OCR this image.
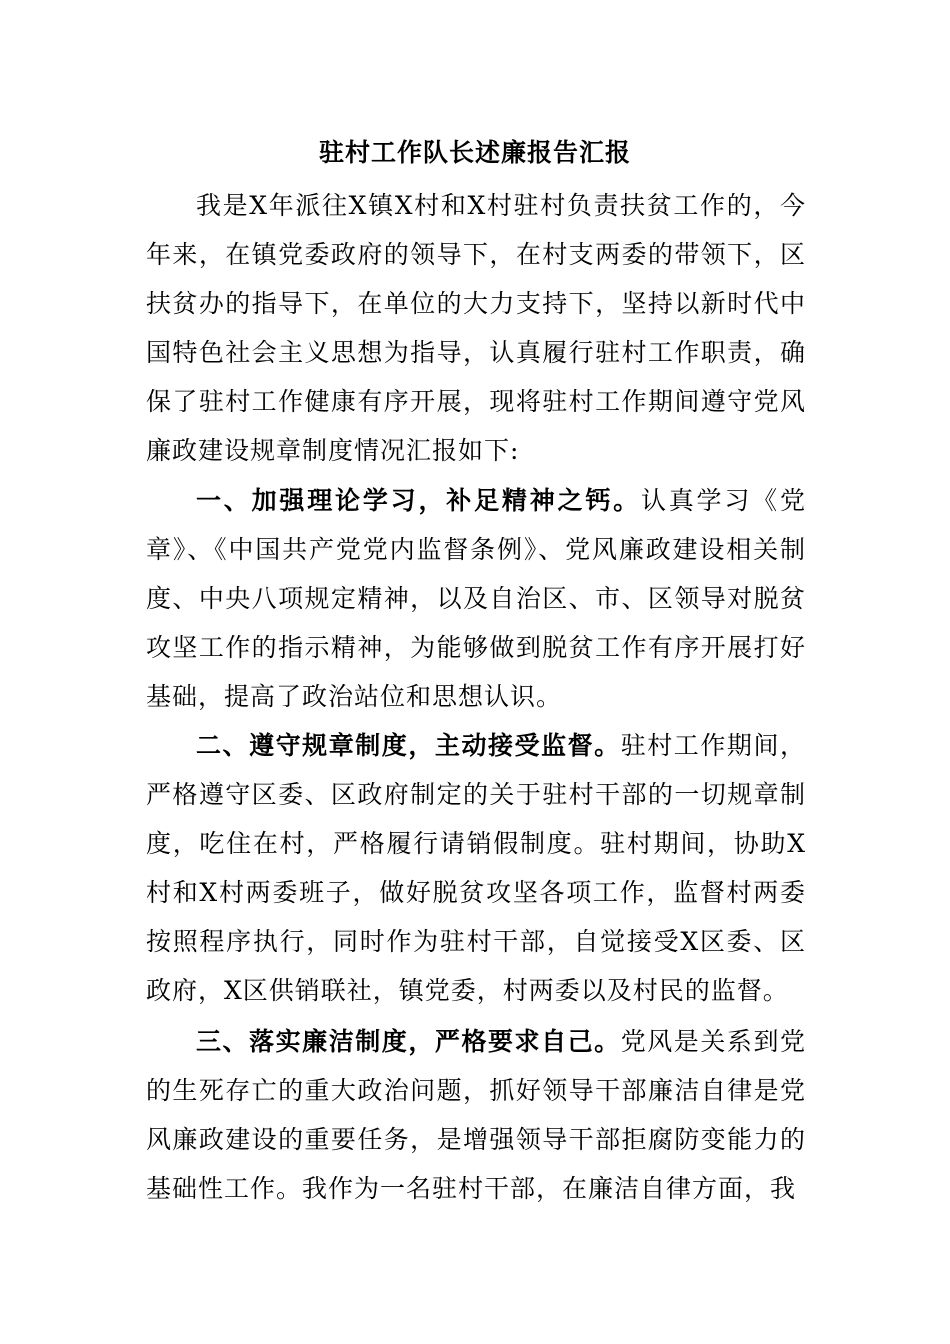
驻村工作队长述廉报告汇报
我是X年派往X镇X村和X村驻村负责扶贫工作的，今年来，在镇党委政府的领导下，在村支两委的带领下，区扶贫办的指导下，在单位的大力支持下，坚持以新时代中国特色社会主义思想为指导，认真履行驻村工作职责，确保了驻村工作健康有序开展，现将驻村工作期间遵守党风廉政建设规章制度情况汇报如下:
一、加强理论学习，补足精神之钙。认真学习《党章》、《中国共产党党内监督条例》、党风廉政建设相关制度、中央八项规定精神，以及自治区、市、区领导对脱贫攻坚工作的指示精神，为能够做到脱贫工作有序开展打好基础，提高了政治站位和思想认识。
二、遵守规章制度，主动接受监督。驻村工作期间，严格遵守区委、区政府制定的关于驻村干部的一切规章制度，吃住在村，严格履行请销假制度。驻村期间，协助X村和X村两委班子，做好脱贫攻坚各项工作，监督村两委按照程序执行，同时作为驻村干部，自觉接受X区委、区政府，X区供销联社，镇党委，村两委以及村民的监督。
三、落实廉洁制度，严格要求自己。党风是关系到党的生死存亡的重大政治问题，抓好领导干部廉洁自律是党风廉政建设的重要任务，是增强领导干部拒腐防变能力的基础性工作。我作为一名驻村干部，在廉洁自律方面，我
